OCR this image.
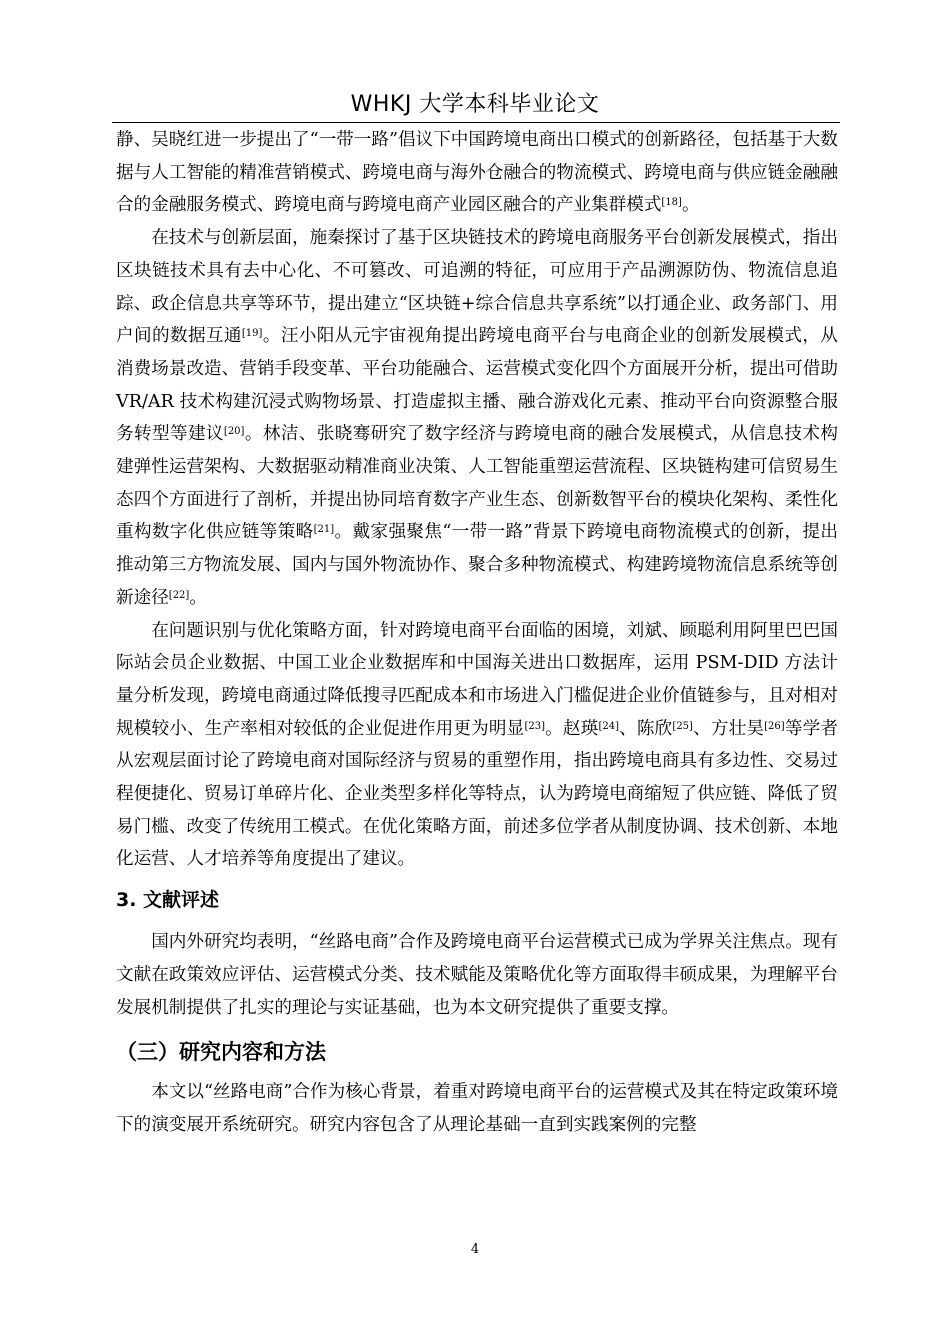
WHKJ 大学本科毕业论文

静、吴晓红进一步提出了“一带一路”倡议下中国跨境电商出口模式的创新路径，包括基于大数据与人工智能的精准营销模式、跨境电商与海外仓融合的物流模式、跨境电商与供应链金融融合的金融服务模式、跨境电商与跨境电商产业园区融合的产业集群模式[18]。

在技术与创新层面，施秦探讨了基于区块链技术的跨境电商服务平台创新发展模式，指出区块链技术具有去中心化、不可篡改、可追溯的特征，可应用于产品溯源防伪、物流信息追踪、政企信息共享等环节，提出建立“区块链+综合信息共享系统”以打通企业、政务部门、用户间的数据互通[19]。汪小阳从元宇宙视角提出跨境电商平台与电商企业的创新发展模式，从消费场景改造、营销手段变革、平台功能融合、运营模式变化四个方面展开分析，提出可借助 VR/AR 技术构建沉浸式购物场景、打造虚拟主播、融合游戏化元素、推动平台向资源整合服务转型等建议[20]。林洁、张晓骞研究了数字经济与跨境电商的融合发展模式，从信息技术构建弹性运营架构、大数据驱动精准商业决策、人工智能重塑运营流程、区块链构建可信贸易生态四个方面进行了剖析，并提出协同培育数字产业生态、创新数智平台的模块化架构、柔性化重构数字化供应链等策略[21]。戴家强聚焦“一带一路”背景下跨境电商物流模式的创新，提出推动第三方物流发展、国内与国外物流协作、聚合多种物流模式、构建跨境物流信息系统等创新途径[22]。

在问题识别与优化策略方面，针对跨境电商平台面临的困境，刘斌、顾聪利用阿里巴巴国际站会员企业数据、中国工业企业数据库和中国海关进出口数据库，运用 PSM-DID 方法计量分析发现，跨境电商通过降低搜寻匹配成本和市场进入门槛促进企业价值链参与，且对相对规模较小、生产率相对较低的企业促进作用更为明显[23]。赵瑛[24]、陈欣[25]、方壮昊[26]等学者从宏观层面讨论了跨境电商对国际经济与贸易的重塑作用，指出跨境电商具有多边性、交易过程便捷化、贸易订单碎片化、企业类型多样化等特点，认为跨境电商缩短了供应链、降低了贸易门槛、改变了传统用工模式。在优化策略方面，前述多位学者从制度协调、技术创新、本地化运营、人才培养等角度提出了建议。

3. 文献评述

国内外研究均表明，“丝路电商”合作及跨境电商平台运营模式已成为学界关注焦点。现有文献在政策效应评估、运营模式分类、技术赋能及策略优化等方面取得丰硕成果，为理解平台发展机制提供了扎实的理论与实证基础，也为本文研究提供了重要支撑。

（三）研究内容和方法

本文以“丝路电商”合作为核心背景，着重对跨境电商平台的运营模式及其在特定政策环境下的演变展开系统研究。研究内容包含了从理论基础一直到实践案例的完整

4
